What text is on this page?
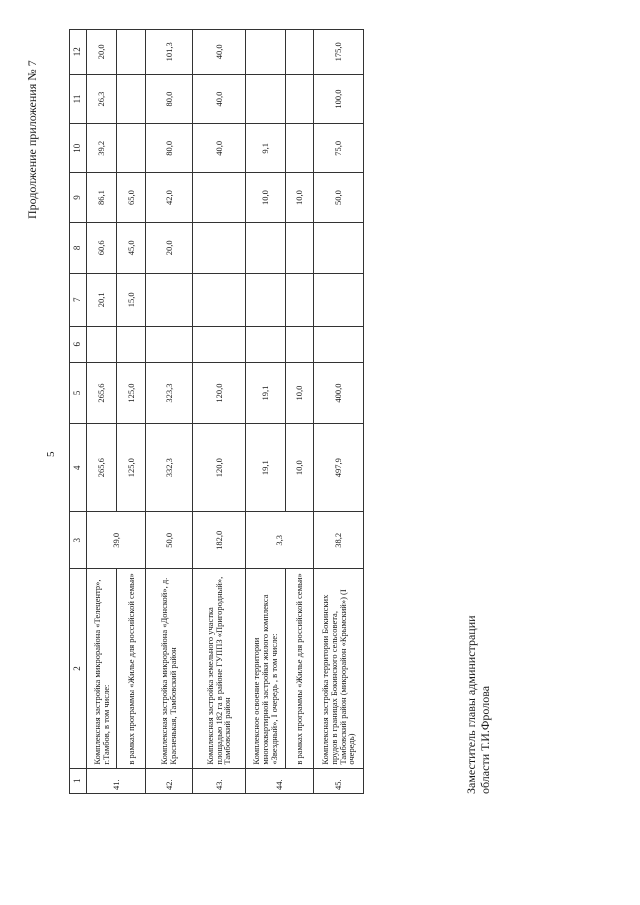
Продолжение приложения № 7
5
1	2	3	4	5	6	7	8	9	10	11	12
41.	Комплексная застройка микрорайона «Телецентр», г.Тамбов, в том числе:	39,0	265,6	265,6		20,1	60,6	86,1	39,2	26,3	20,0
	в рамках программы «Жилье для российской семьи»		125,0	125,0		15,0	45,0	65,0			
42.	Комплексная застройка микрорайона «Донской», д. Красненькая, Тамбовский район	50,0	332,3	323,3			20,0	42,0	80,0	80,0	101,3
43.	Комплексная застройка земельного участка площадью 182 га в районе ГУППЗ «Пригородный», Тамбовский район	182,0	120,0	120,0					40,0	40,0	40,0
44.	Комплексное освоение территории многоквартирной застройки жилого комплекса «Звездный», I очередь , в том числе:	3,3	19,1	19,1				10,0	9,1		
	в рамках программы «Жилье для российской семьи»		10,0	10,0				10,0			
45.	Комплексная застройка территории Бокинских прудов в границах Бокинского сельсовета, Тамбовский район (микрорайон «Крымский») (I очередь)	38,2	497,9	400,0				50,0	75,0	100,0	175,0
Заместитель главы администрации области Т.И.Фролова
